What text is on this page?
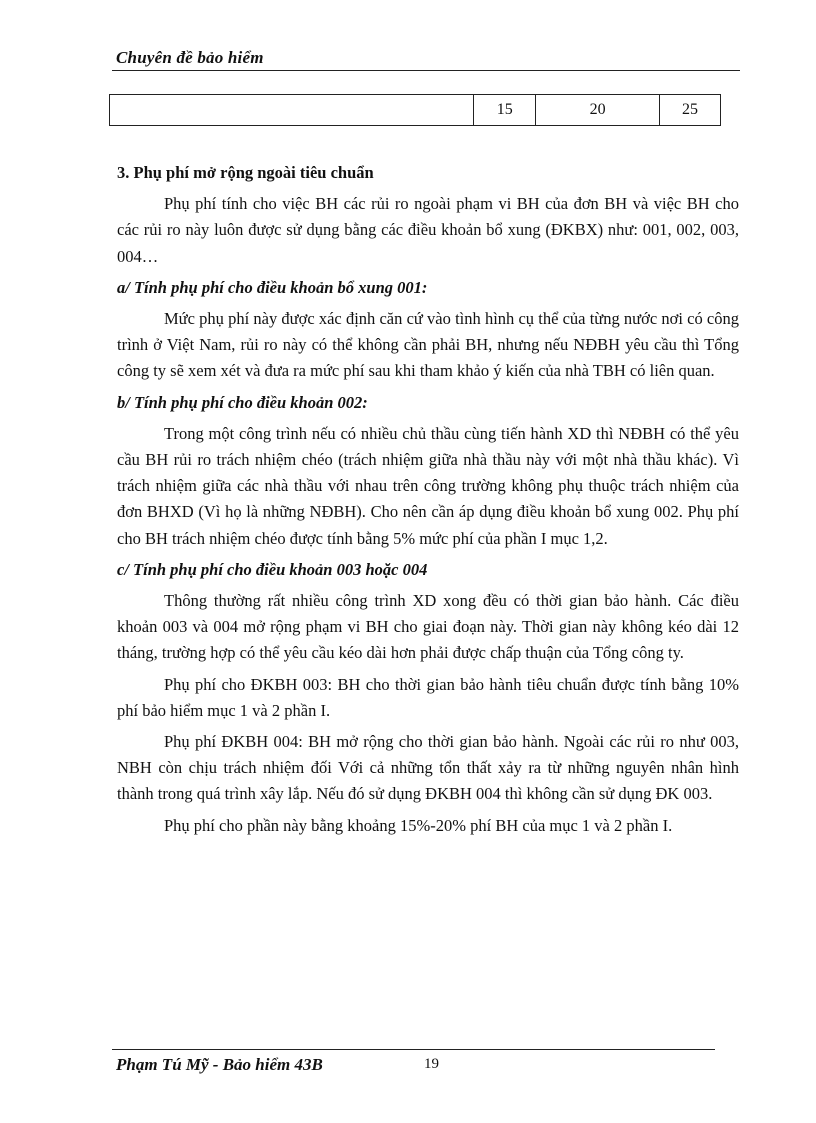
Chuyên đề bảo hiểm
	15	20	25

3. Phụ phí mở rộng ngoài tiêu chuẩn

Phụ phí tính cho việc BH các rủi ro ngoài phạm vi BH của đơn BH và việc BH cho các rủi ro này luôn được sử dụng bằng các điều khoản bổ xung (ĐKBX) như: 001, 002, 003, 004…

a/ Tính phụ phí cho điều khoản bổ xung 001:

Mức phụ phí này được xác định căn cứ vào tình hình cụ thể của từng nước nơi có công trình ở Việt Nam, rủi ro này có thể không cần phải BH, nhưng nếu NĐBH yêu cầu thì Tổng công ty sẽ xem xét và đưa ra mức phí sau khi tham khảo ý kiến của nhà TBH có liên quan.

b/ Tính phụ phí cho điều khoản 002:

Trong một công trình nếu có nhiều chủ thầu cùng tiến hành XD thì NĐBH có thể yêu cầu BH rủi ro trách nhiệm chéo (trách nhiệm giữa nhà thầu này với một nhà thầu khác). Vì trách nhiệm giữa các nhà thầu với nhau trên công trường không phụ thuộc trách nhiệm của đơn BHXD (Vì họ là những NĐBH). Cho nên cần áp dụng điều khoản bổ xung 002. Phụ phí cho BH trách nhiệm chéo được tính bằng 5% mức phí của phần I mục 1,2.

c/ Tính phụ phí cho điều khoản 003 hoặc 004

Thông thường rất nhiều công trình XD xong đều có thời gian bảo hành. Các điều khoản 003 và 004 mở rộng phạm vi BH cho giai đoạn này. Thời gian này không kéo dài 12 tháng, trường hợp có thể yêu cầu kéo dài hơn phải được chấp thuận của Tổng công ty.

Phụ phí cho ĐKBH 003: BH cho thời gian bảo hành tiêu chuẩn được tính bằng 10% phí bảo hiểm mục 1 và 2 phần I.

Phụ phí ĐKBH 004: BH mở rộng cho thời gian bảo hành. Ngoài các rủi ro như 003, NBH còn chịu trách nhiệm đối Với cả những tổn thất xảy ra từ những nguyên nhân hình thành trong quá trình xây lắp. Nếu đó sử dụng ĐKBH 004 thì không cần sử dụng ĐK 003.

Phụ phí cho phần này bằng khoảng 15%-20% phí BH của mục 1 và 2 phần I.

Phạm Tú Mỹ - Bảo hiểm 43B	19
